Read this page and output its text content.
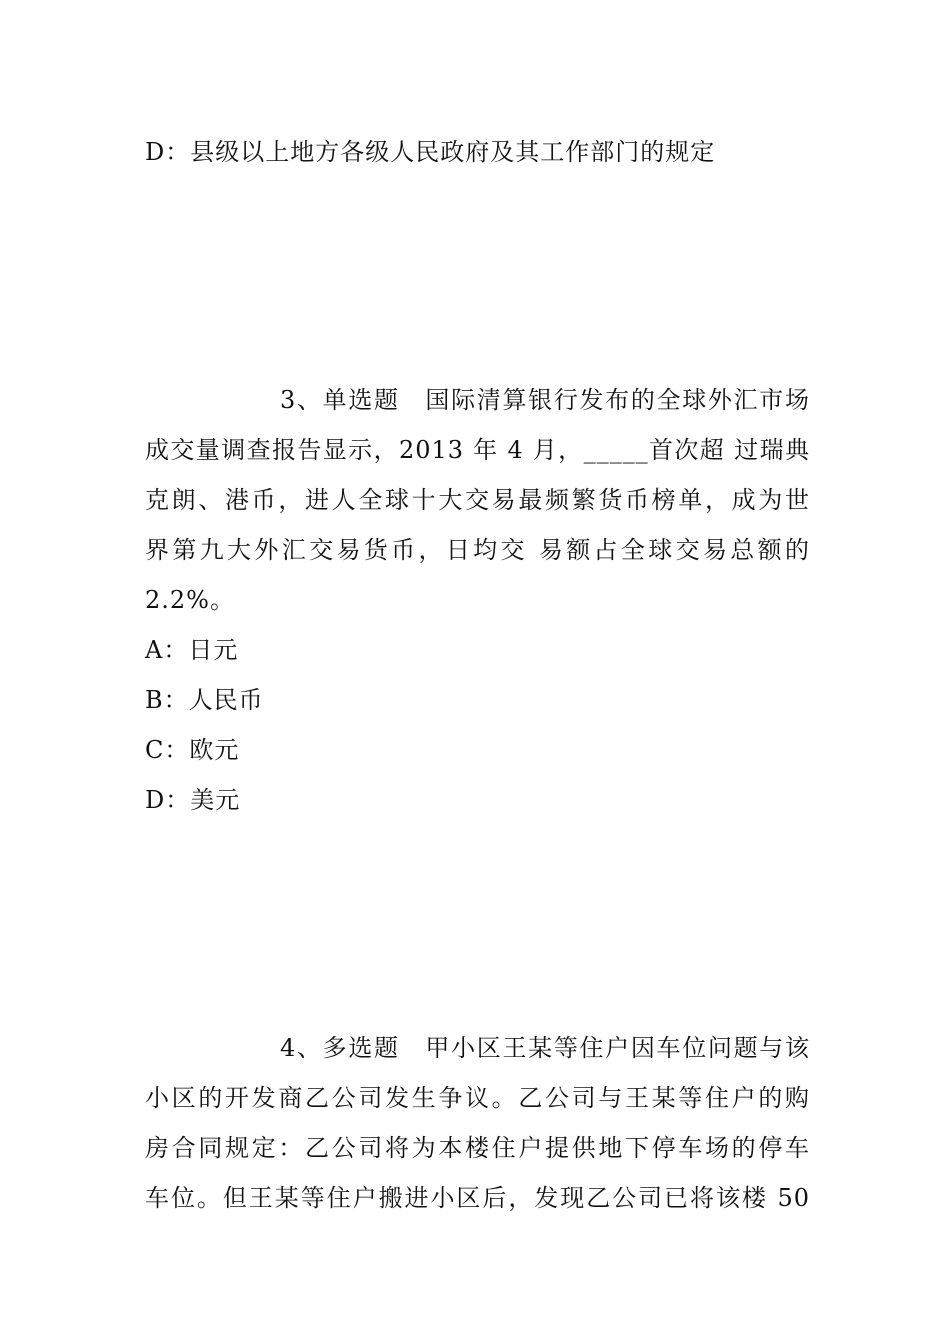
D：县级以上地方各级人民政府及其工作部门的规定
3、单选题　国际清算银行发布的全球外汇市场
成交量调查报告显示，2013 年 4 月，_____首次超 过瑞典
克朗、港币，进人全球十大交易最频繁货币榜单，成为世
界第九大外汇交易货币，日均交 易额占全球交易总额的
2.2%。
A：日元
B：人民币
C：欧元
D：美元
4、多选题　甲小区王某等住户因车位问题与该
小区的开发商乙公司发生争议。乙公司与王某等住户的购
房合同规定：乙公司将为本楼住户提供地下停车场的停车
车位。但王某等住户搬进小区后，发现乙公司已将该楼 50
